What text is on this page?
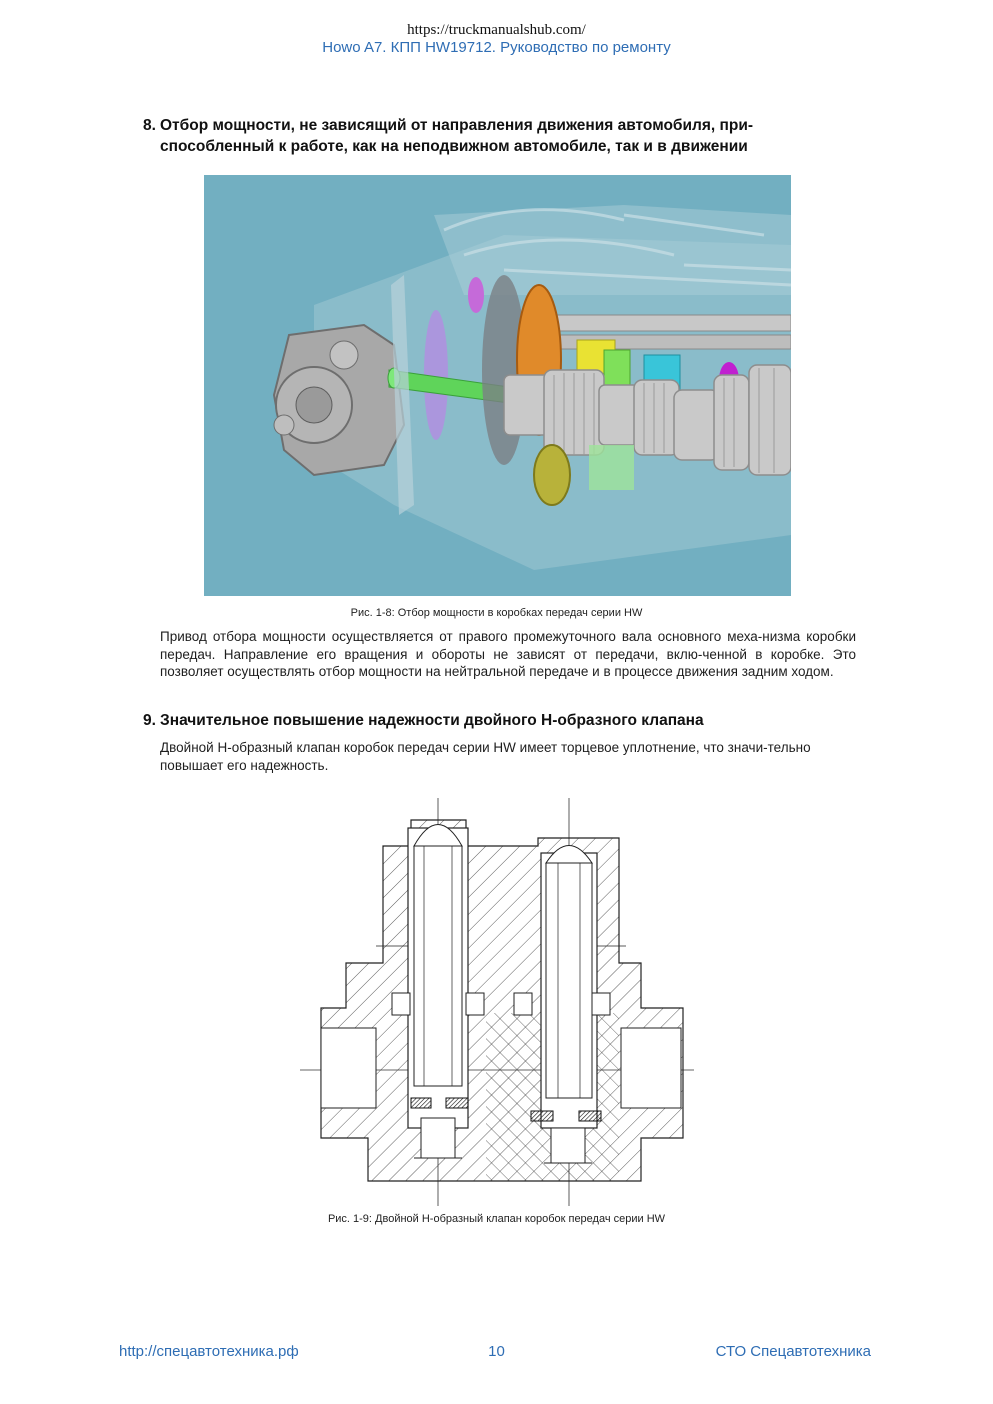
https://truckmanualshub.com/
Howo A7. КПП HW19712. Руководство по ремонту
8. Отбор мощности, не зависящий от направления движения автомобиля, при-
способленный к работе, как на неподвижном автомобиле, так и в движении
Рис. 1-8: Отбор мощности в коробках передач серии HW
Привод отбора мощности осуществляется от правого промежуточного вала основного меха-низма коробки передач. Направление его вращения и обороты не зависят от передачи, вклю-ченной в коробке. Это позволяет осуществлять отбор мощности на нейтральной передаче и в процессе движения задним ходом.
9. Значительное повышение надежности двойного H-образного клапана
Двойной H-образный клапан коробок передач серии HW имеет торцевое уплотнение, что значи-тельно повышает его надежность.
Рис. 1-9: Двойной H-образный клапан коробок передач серии HW
http://спецавтотехника.рф	10	СТО Спецавтотехника
